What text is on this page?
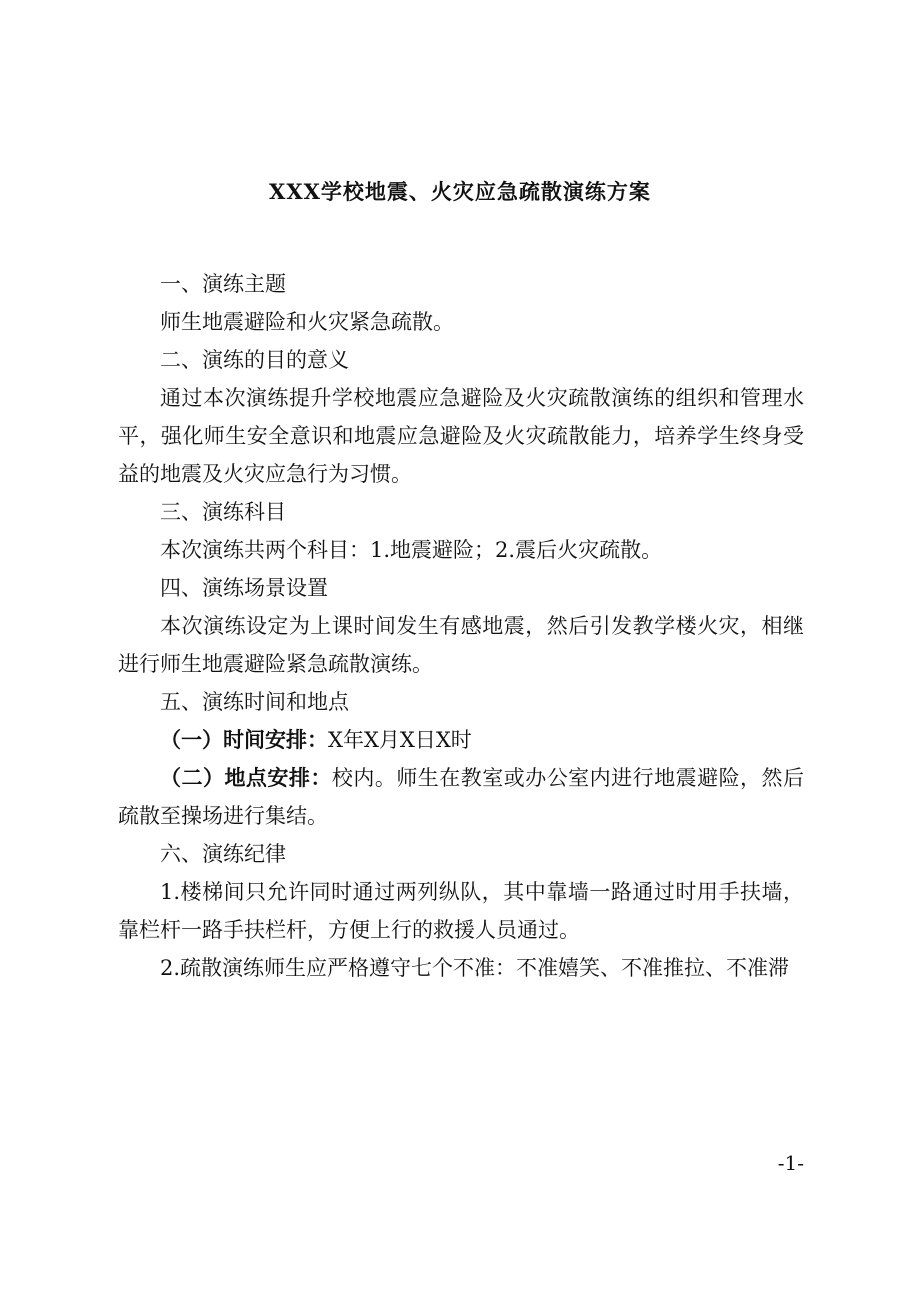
XXX学校地震、火灾应急疏散演练方案

一、演练主题

师生地震避险和火灾紧急疏散。

二、演练的目的意义

通过本次演练提升学校地震应急避险及火灾疏散演练的组织和管理水平，强化师生安全意识和地震应急避险及火灾疏散能力，培养学生终身受益的地震及火灾应急行为习惯。

三、演练科目

本次演练共两个科目：1.地震避险；2.震后火灾疏散。

四、演练场景设置

本次演练设定为上课时间发生有感地震，然后引发教学楼火灾，相继进行师生地震避险紧急疏散演练。

五、演练时间和地点

（一）时间安排：X年X月X日X时

（二）地点安排：校内。师生在教室或办公室内进行地震避险，然后疏散至操场进行集结。

六、演练纪律

1.楼梯间只允许同时通过两列纵队，其中靠墙一路通过时用手扶墙，靠栏杆一路手扶栏杆，方便上行的救援人员通过。

2.疏散演练师生应严格遵守七个不准：不准嬉笑、不准推拉、不准滞

-1-
